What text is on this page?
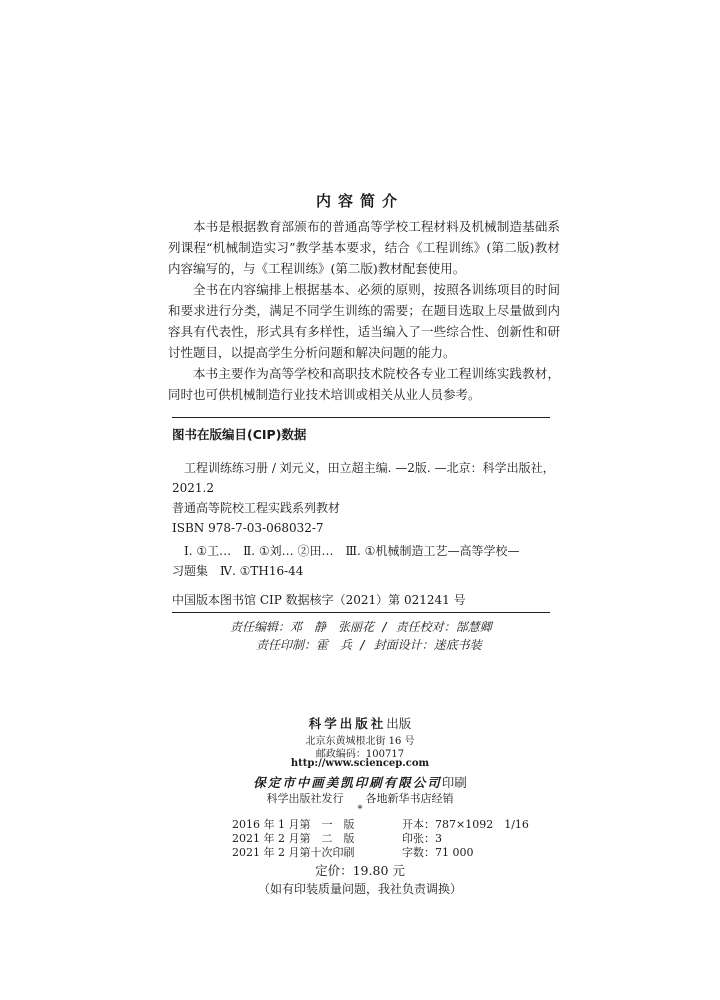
内容简介

本书是根据教育部颁布的普通高等学校工程材料及机械制造基础系列课程“机械制造实习”教学基本要求，结合《工程训练》(第二版)教材内容编写的，与《工程训练》(第二版)教材配套使用。

全书在内容编排上根据基本、必须的原则，按照各训练项目的时间和要求进行分类，满足不同学生训练的需要；在题目选取上尽量做到内容具有代表性，形式具有多样性，适当编入了一些综合性、创新性和研讨性题目，以提高学生分析问题和解决问题的能力。

本书主要作为高等学校和高职技术院校各专业工程训练实践教材，同时也可供机械制造行业技术培训或相关从业人员参考。

图书在版编目(CIP)数据
工程训练练习册 / 刘元义，田立超主编. —2版. —北京：科学出版社，
2021.2
普通高等院校工程实践系列教材
ISBN 978-7-03-068032-7
Ⅰ. ①工…　Ⅱ. ①刘… ②田…　Ⅲ. ①机械制造工艺—高等学校—
习题集　Ⅳ. ①TH16-44
中国版本图书馆 CIP 数据核字（2021）第 021241 号
责任编辑：邓　静　张丽花 / 责任校对：郜慧卿
责任印制：霍　兵 / 封面设计：迷底书装
科学出版社出版
北京东黄城根北街 16 号
邮政编码：100717
http://www.sciencep.com
保定市中画美凯印刷有限公司印刷
科学出版社发行　　各地新华书店经销
*
2016 年 1 月第　一　版	开本：787×1092　1/16
2021 年 2 月第　二　版	印张：3
2021 年 2 月第十次印刷	字数：71 000
定价：19.80 元
（如有印装质量问题，我社负责调换）
